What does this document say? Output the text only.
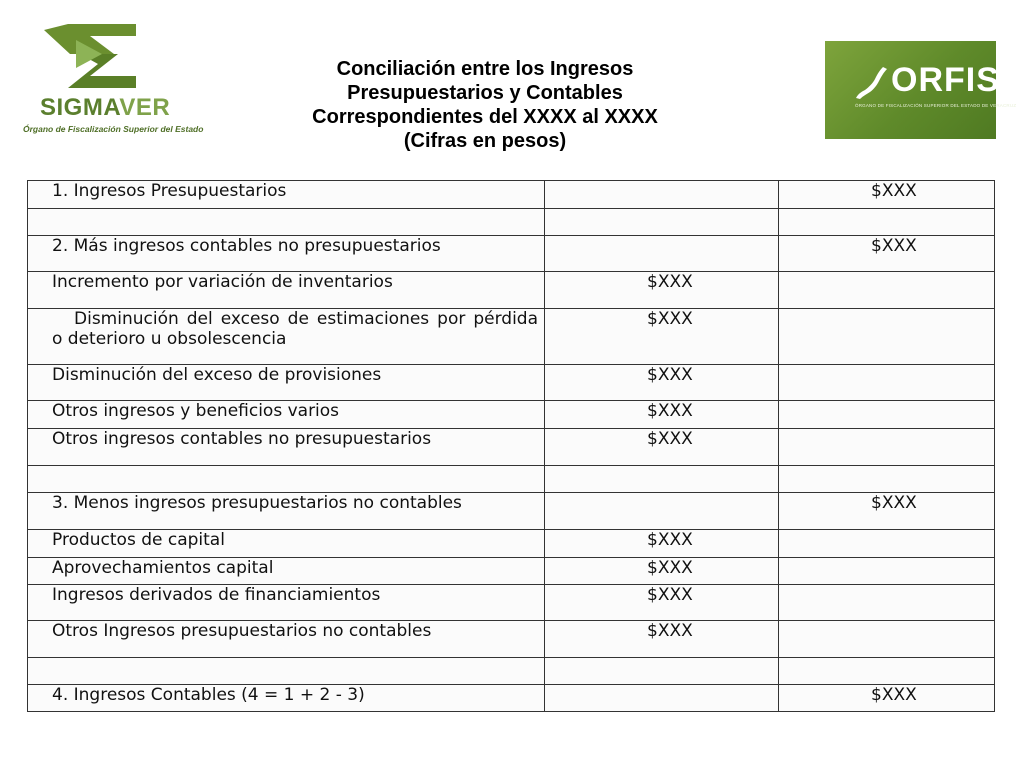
SIGMAVER
Órgano de Fiscalización Superior del Estado
Conciliación entre los Ingresos
Presupuestarios y Contables
Correspondientes del XXXX al XXXX
(Cifras en pesos)
ORFIS
ÓRGANO DE FISCALIZACIÓN SUPERIOR DEL ESTADO DE VERACRUZ
1. Ingresos Presupuestarios		$XXX

2. Más ingresos contables no presupuestarios		$XXX
Incremento por variación de inventarios	$XXX	
Disminución del exceso de estimaciones por pérdida o deterioro u obsolescencia	$XXX	
Disminución del exceso de provisiones	$XXX	
Otros ingresos y beneficios varios	$XXX	
Otros ingresos contables no presupuestarios	$XXX	

3. Menos ingresos presupuestarios no contables		$XXX
Productos de capital	$XXX	
Aprovechamientos capital	$XXX	
Ingresos derivados de financiamientos	$XXX	
Otros Ingresos presupuestarios no contables	$XXX	

4. Ingresos Contables (4 = 1 + 2 - 3)		$XXX
